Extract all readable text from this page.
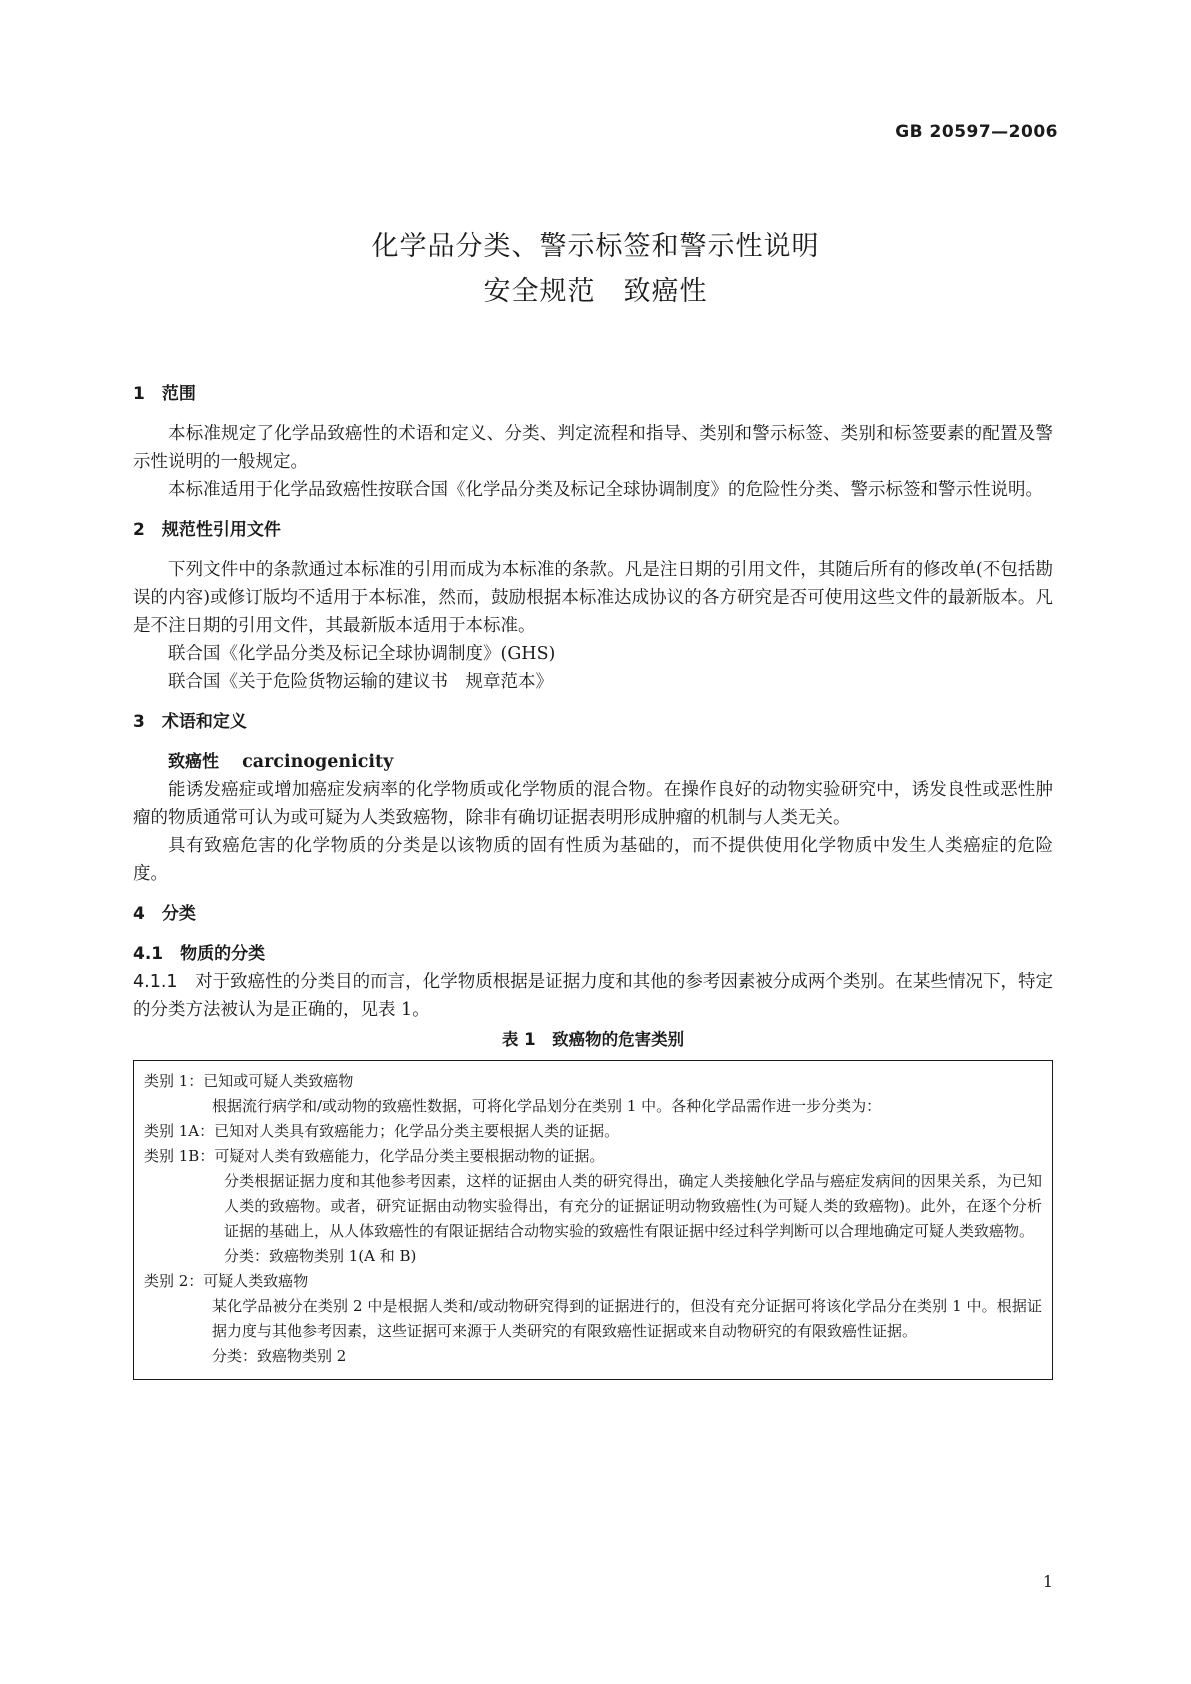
GB 20597—2006
化学品分类、警示标签和警示性说明
安全规范　致癌性
1　范围

本标准规定了化学品致癌性的术语和定义、分类、判定流程和指导、类别和警示标签、类别和标签要素的配置及警示性说明的一般规定。

本标准适用于化学品致癌性按联合国《化学品分类及标记全球协调制度》的危险性分类、警示标签和警示性说明。

2　规范性引用文件

下列文件中的条款通过本标准的引用而成为本标准的条款。凡是注日期的引用文件，其随后所有的修改单(不包括勘误的内容)或修订版均不适用于本标准，然而，鼓励根据本标准达成协议的各方研究是否可使用这些文件的最新版本。凡是不注日期的引用文件，其最新版本适用于本标准。

联合国《化学品分类及标记全球协调制度》(GHS)

联合国《关于危险货物运输的建议书　规章范本》

3　术语和定义
致癌性　 carcinogenicity

能诱发癌症或增加癌症发病率的化学物质或化学物质的混合物。在操作良好的动物实验研究中，诱发良性或恶性肿瘤的物质通常可认为或可疑为人类致癌物，除非有确切证据表明形成肿瘤的机制与人类无关。

具有致癌危害的化学物质的分类是以该物质的固有性质为基础的，而不提供使用化学物质中发生人类癌症的危险度。

4　分类
4.1　物质的分类

4.1.1　 对于致癌性的分类目的而言，化学物质根据是证据力度和其他的参考因素被分成两个类别。在某些情况下，特定的分类方法被认为是正确的，见表 1。

表 1　致癌物的危害类别

类别 1：已知或可疑人类致癌物

根据流行病学和/或动物的致癌性数据，可将化学品划分在类别 1 中。各种化学品需作进一步分类为：

类别 1A：已知对人类具有致癌能力；化学品分类主要根据人类的证据。

类别 1B：可疑对人类有致癌能力，化学品分类主要根据动物的证据。

分类根据证据力度和其他参考因素，这样的证据由人类的研究得出，确定人类接触化学品与癌症发病间的因果关系，为已知人类的致癌物。或者，研究证据由动物实验得出，有充分的证据证明动物致癌性(为可疑人类的致癌物)。此外，在逐个分析证据的基础上，从人体致癌性的有限证据结合动物实验的致癌性有限证据中经过科学判断可以合理地确定可疑人类致癌物。

分类：致癌物类别 1(A 和 B)

类别 2：可疑人类致癌物

某化学品被分在类别 2 中是根据人类和/或动物研究得到的证据进行的，但没有充分证据可将该化学品分在类别 1 中。根据证据力度与其他参考因素，这些证据可来源于人类研究的有限致癌性证据或来自动物研究的有限致癌性证据。

分类：致癌物类别 2

1
